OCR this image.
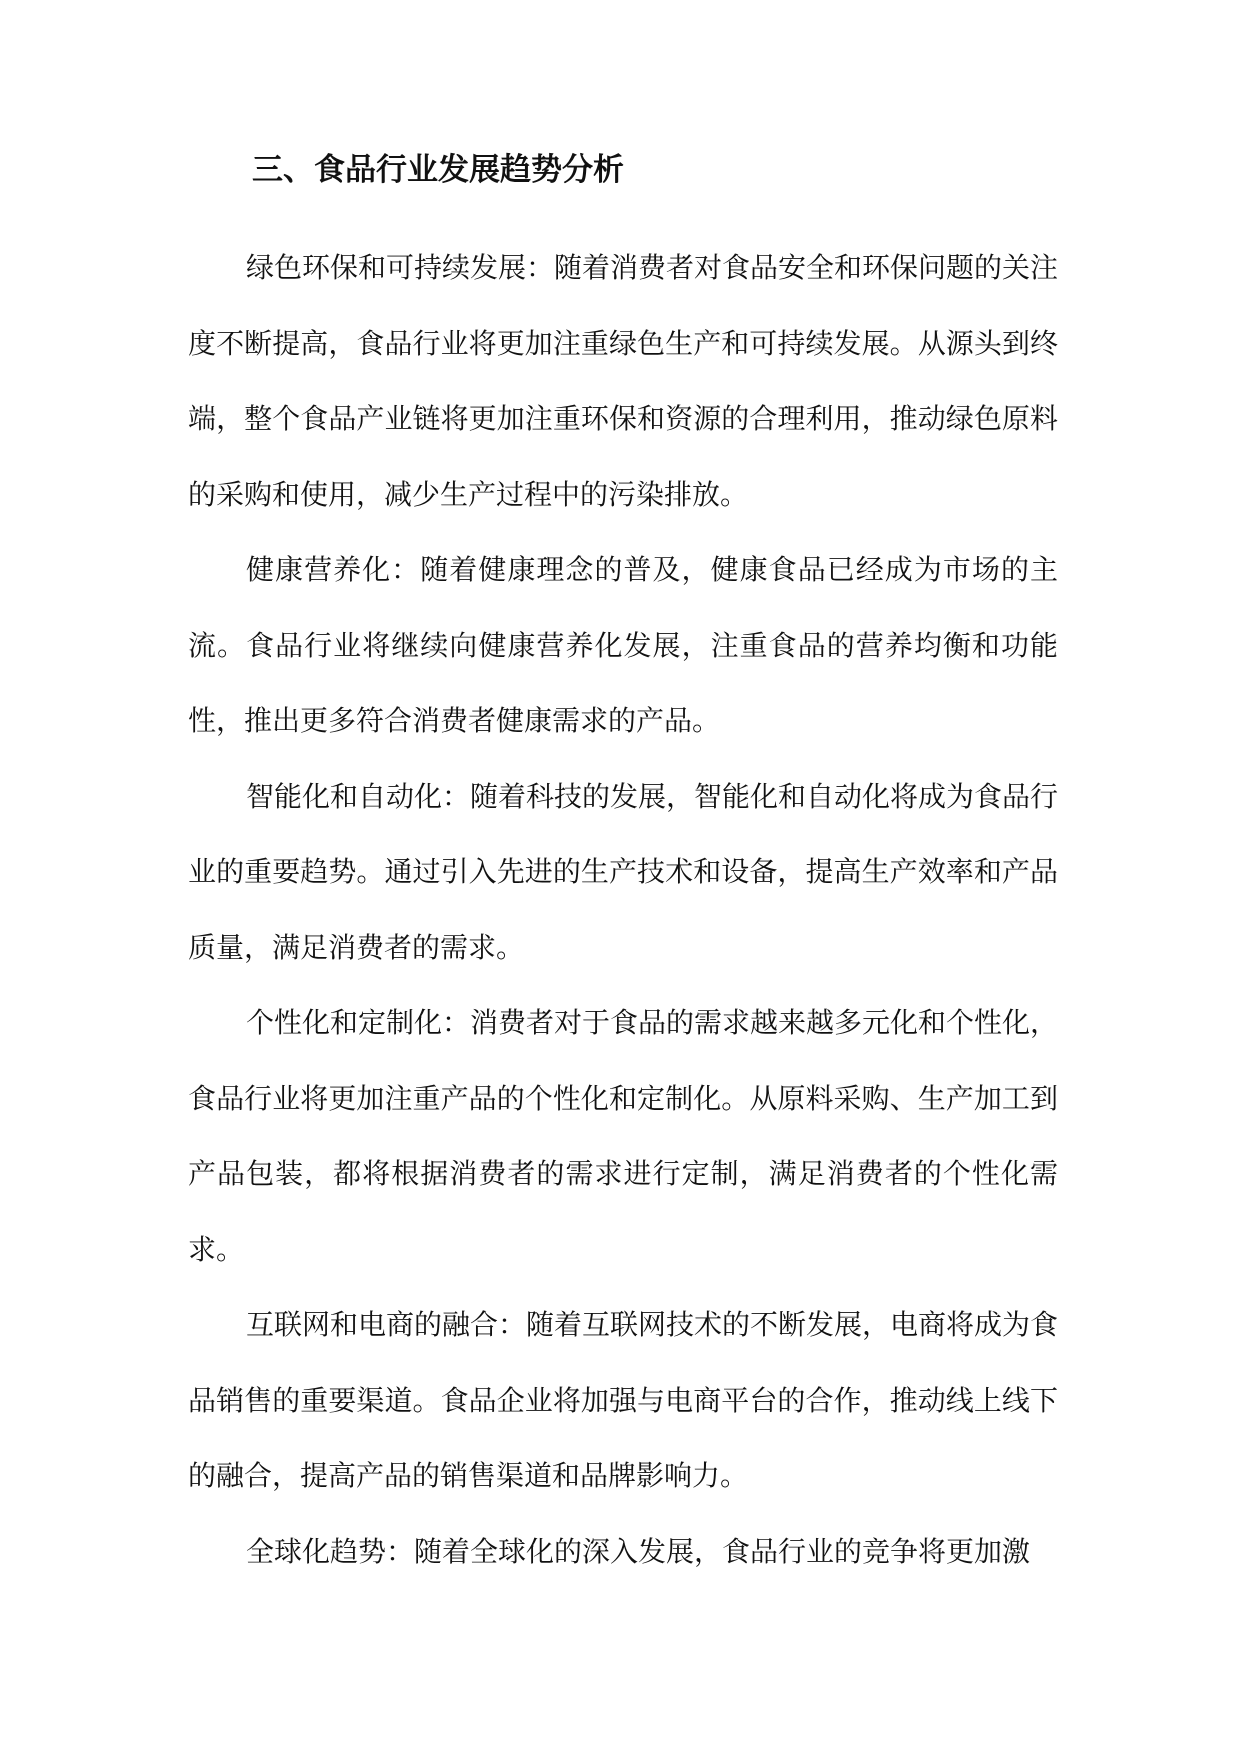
三、食品行业发展趋势分析

绿色环保和可持续发展：随着消费者对食品安全和环保问题的关注度不断提高，食品行业将更加注重绿色生产和可持续发展。从源头到终端，整个食品产业链将更加注重环保和资源的合理利用，推动绿色原料的采购和使用，减少生产过程中的污染排放。

健康营养化：随着健康理念的普及，健康食品已经成为市场的主流。食品行业将继续向健康营养化发展，注重食品的营养均衡和功能性，推出更多符合消费者健康需求的产品。

智能化和自动化：随着科技的发展，智能化和自动化将成为食品行业的重要趋势。通过引入先进的生产技术和设备，提高生产效率和产品质量，满足消费者的需求。

个性化和定制化：消费者对于食品的需求越来越多元化和个性化，食品行业将更加注重产品的个性化和定制化。从原料采购、生产加工到产品包装，都将根据消费者的需求进行定制，满足消费者的个性化需求。

互联网和电商的融合：随着互联网技术的不断发展，电商将成为食品销售的重要渠道。食品企业将加强与电商平台的合作，推动线上线下的融合，提高产品的销售渠道和品牌影响力。

全球化趋势：随着全球化的深入发展，食品行业的竞争将更加激
